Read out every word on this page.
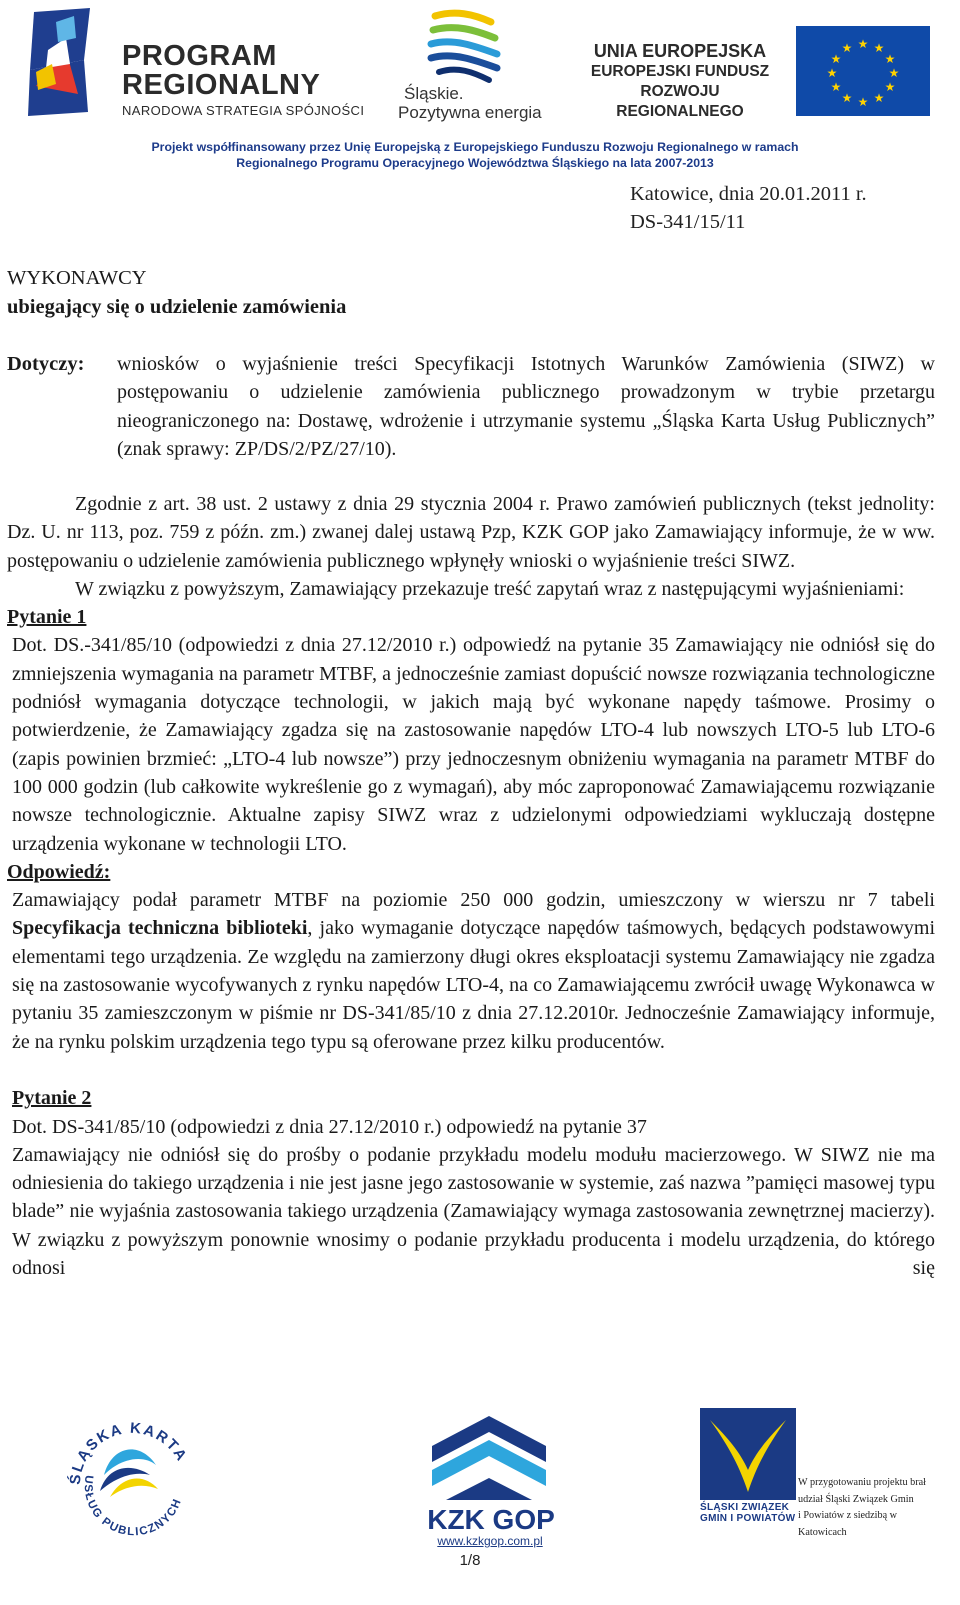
PROGRAM
REGIONALNY
NARODOWA STRATEGIA SPÓJNOŚCI
Śląskie.
Pozytywna energia
UNIA EUROPEJSKA
EUROPEJSKI FUNDUSZ
ROZWOJU REGIONALNEGO
★ ★
★
★
★
★
★
★
★
★
★
★
Projekt współfinansowany przez Unię Europejską z Europejskiego Funduszu Rozwoju Regionalnego w ramach
Regionalnego Programu Operacyjnego Województwa Śląskiego na lata 2007-2013
Katowice, dnia 20.01.2011 r.
DS-341/15/11
WYKONAWCY
ubiegający się o udzielenie zamówienia
Dotyczy: wniosków o wyjaśnienie treści Specyfikacji Istotnych Warunków Zamówienia (SIWZ) w postępowaniu o udzielenie zamówienia publicznego prowadzonym w trybie przetargu nieograniczonego na: Dostawę, wdrożenie i utrzymanie systemu „Śląska Karta Usług Publicznych” (znak sprawy: ZP/DS/2/PZ/27/10).

Zgodnie z art. 38 ust. 2 ustawy z dnia 29 stycznia 2004 r. Prawo zamówień publicznych (tekst jednolity: Dz. U. nr 113, poz. 759 z późn. zm.) zwanej dalej ustawą Pzp, KZK GOP jako Zamawiający informuje, że w ww. postępowaniu o udzielenie zamówienia publicznego wpłynęły wnioski o wyjaśnienie treści SIWZ.

W związku z powyższym, Zamawiający przekazuje treść zapytań wraz z następującymi wyjaśnieniami:

Pytanie 1

Dot. DS.-341/85/10 (odpowiedzi z dnia 27.12/2010 r.) odpowiedź na pytanie 35 Zamawiający nie odniósł się do zmniejszenia wymagania na parametr MTBF, a jednocześnie zamiast dopuścić nowsze rozwiązania technologiczne podniósł wymagania dotyczące technologii, w jakich mają być wykonane napędy taśmowe. Prosimy o potwierdzenie, że Zamawiający zgadza się na zastosowanie napędów LTO-4 lub nowszych LTO-5 lub LTO-6 (zapis powinien brzmieć: „LTO-4 lub nowsze”) przy jednoczesnym obniżeniu wymagania na parametr MTBF do 100 000 godzin (lub całkowite wykreślenie go z wymagań), aby móc zaproponować Zamawiającemu rozwiązanie nowsze technologicznie. Aktualne zapisy SIWZ wraz z udzielonymi odpowiedziami wykluczają dostępne urządzenia wykonane w technologii LTO.

Odpowiedź:

Zamawiający podał parametr MTBF na poziomie 250 000 godzin, umieszczony w wierszu nr 7 tabeli Specyfikacja techniczna biblioteki, jako wymaganie dotyczące napędów taśmowych, będących podstawowymi elementami tego urządzenia. Ze względu na zamierzony długi okres eksploatacji systemu Zamawiający nie zgadza się na zastosowanie wycofywanych z rynku napędów LTO-4, na co Zamawiającemu zwrócił uwagę Wykonawca w pytaniu 35 zamieszczonym w piśmie nr DS-341/85/10 z dnia 27.12.2010r. Jednocześnie Zamawiający informuje, że na rynku polskim urządzenia tego typu są oferowane przez kilku producentów.

Pytanie 2

Dot. DS-341/85/10 (odpowiedzi z dnia 27.12/2010 r.) odpowiedź na pytanie 37

Zamawiający nie odniósł się do prośby o podanie przykładu modelu modułu macierzowego. W SIWZ nie ma odniesienia do takiego urządzenia i nie jest jasne jego zastosowanie w systemie, zaś nazwa ”pamięci masowej typu blade” nie wyjaśnia zastosowania takiego urządzenia (Zamawiający wymaga zastosowania zewnętrznej macierzy). W związku z powyższym ponownie wnosimy o podanie przykładu producenta i modelu urządzenia, do którego odnosi się

ŚLĄSKA KARTA
USŁUG PUBLICZNYCH
KZK GOP
www.kzkgop.com.pl
1/8
ŚLĄSKI ZWIĄZEK
GMIN I POWIATÓW
W przygotowaniu projektu brał
udział Śląski Związek Gmin
i Powiatów z siedzibą w Katowicach
